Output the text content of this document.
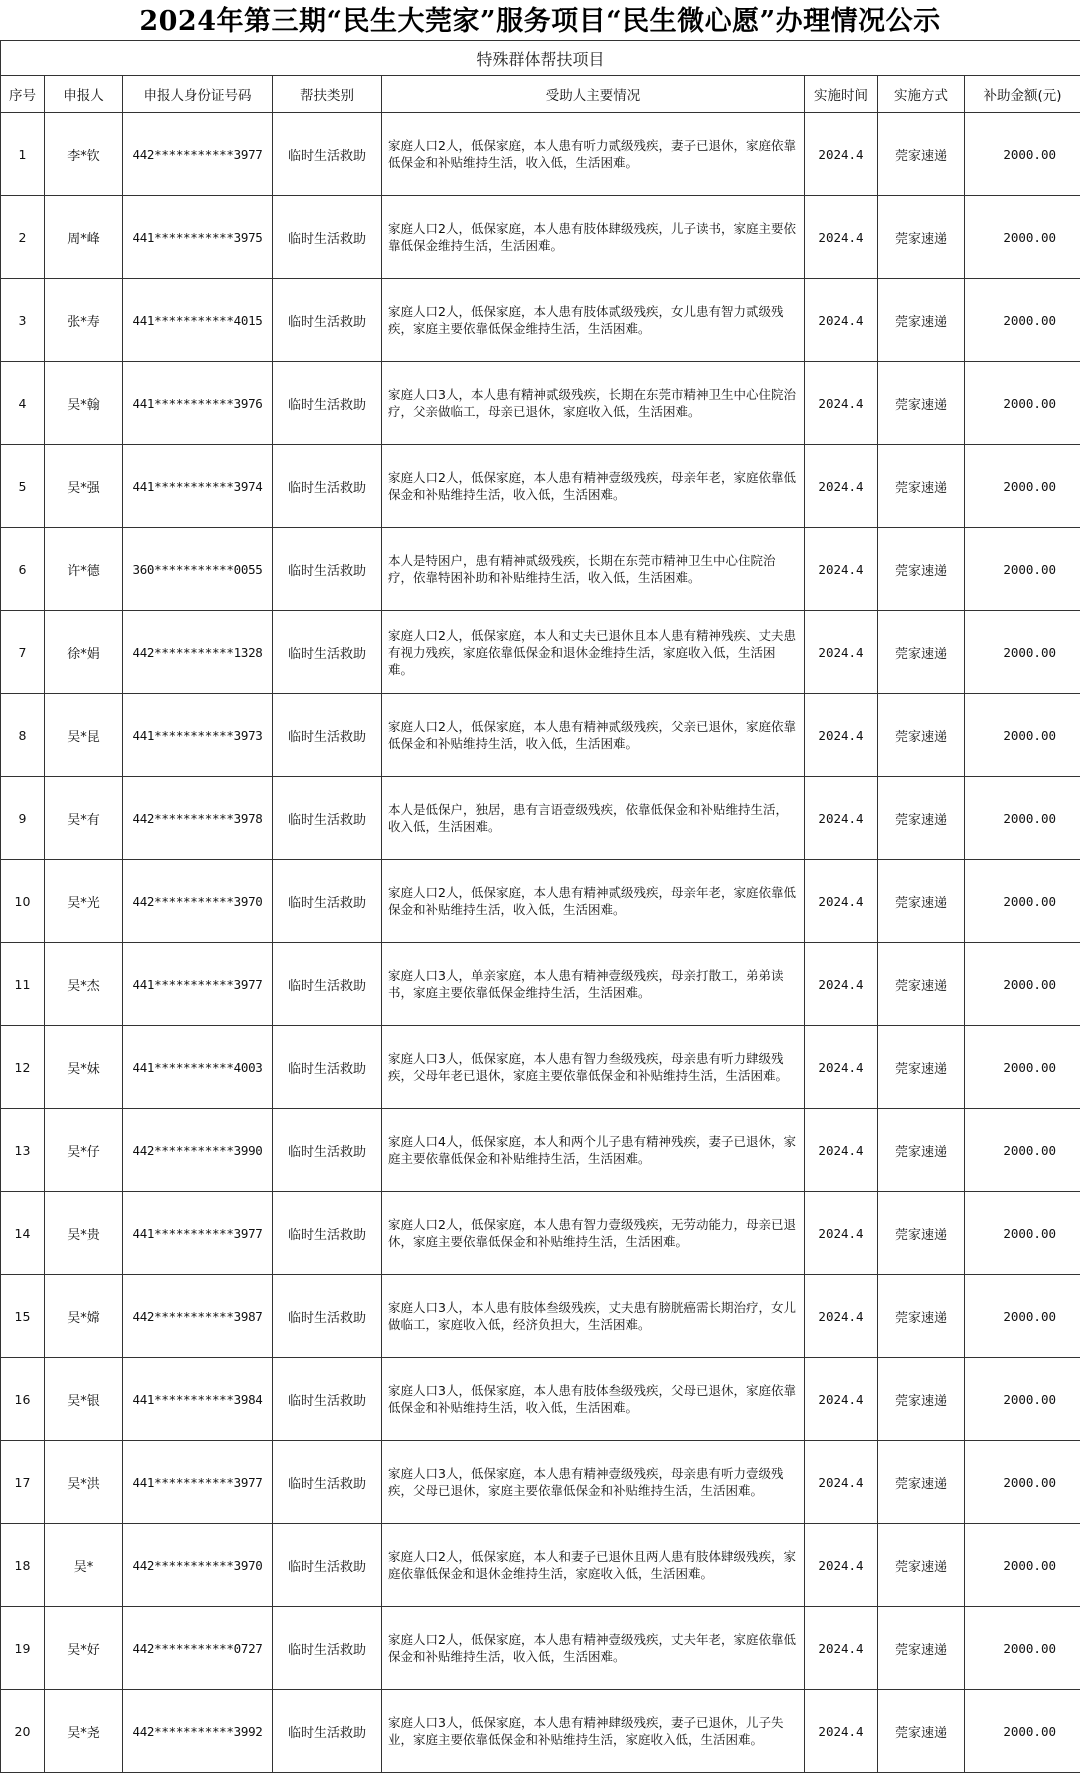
2024年第三期“民生大莞家”服务项目“民生微心愿”办理情况公示
特殊群体帮扶项目							
序号	申报人	申报人身份证号码	帮扶类别	受助人主要情况	实施时间	实施方式	补助金额(元)
1	李*钦	442***********3977	临时生活救助	家庭人口2人，低保家庭，本人患有听力贰级残疾，妻子已退休，家庭依靠低保金和补贴维持生活，收入低，生活困难。	2024.4	莞家速递	2000.00
2	周*峰	441***********3975	临时生活救助	家庭人口2人，低保家庭，本人患有肢体肆级残疾，儿子读书，家庭主要依靠低保金维持生活，生活困难。	2024.4	莞家速递	2000.00
3	张*寿	441***********4015	临时生活救助	家庭人口2人，低保家庭，本人患有肢体贰级残疾，女儿患有智力贰级残疾，家庭主要依靠低保金维持生活，生活困难。	2024.4	莞家速递	2000.00
4	吴*翰	441***********3976	临时生活救助	家庭人口3人，本人患有精神贰级残疾，长期在东莞市精神卫生中心住院治疗，父亲做临工，母亲已退休，家庭收入低，生活困难。	2024.4	莞家速递	2000.00
5	吴*强	441***********3974	临时生活救助	家庭人口2人，低保家庭，本人患有精神壹级残疾，母亲年老，家庭依靠低保金和补贴维持生活，收入低，生活困难。	2024.4	莞家速递	2000.00
6	许*德	360***********0055	临时生活救助	本人是特困户，患有精神贰级残疾，长期在东莞市精神卫生中心住院治疗，依靠特困补助和补贴维持生活，收入低，生活困难。	2024.4	莞家速递	2000.00
7	徐*娟	442***********1328	临时生活救助	家庭人口2人，低保家庭，本人和丈夫已退休且本人患有精神残疾、丈夫患有视力残疾，家庭依靠低保金和退休金维持生活，家庭收入低，生活困难。	2024.4	莞家速递	2000.00
8	吴*昆	441***********3973	临时生活救助	家庭人口2人，低保家庭，本人患有精神贰级残疾，父亲已退休，家庭依靠低保金和补贴维持生活，收入低，生活困难。	2024.4	莞家速递	2000.00
9	吴*有	442***********3978	临时生活救助	本人是低保户，独居，患有言语壹级残疾，依靠低保金和补贴维持生活，收入低，生活困难。	2024.4	莞家速递	2000.00
10	吴*光	442***********3970	临时生活救助	家庭人口2人，低保家庭，本人患有精神贰级残疾，母亲年老，家庭依靠低保金和补贴维持生活，收入低，生活困难。	2024.4	莞家速递	2000.00
11	吴*杰	441***********3977	临时生活救助	家庭人口3人，单亲家庭，本人患有精神壹级残疾，母亲打散工，弟弟读书，家庭主要依靠低保金维持生活，生活困难。	2024.4	莞家速递	2000.00
12	吴*妹	441***********4003	临时生活救助	家庭人口3人，低保家庭，本人患有智力叁级残疾，母亲患有听力肆级残疾，父母年老已退休，家庭主要依靠低保金和补贴维持生活，生活困难。	2024.4	莞家速递	2000.00
13	吴*仔	442***********3990	临时生活救助	家庭人口4人，低保家庭，本人和两个儿子患有精神残疾，妻子已退休，家庭主要依靠低保金和补贴维持生活，生活困难。	2024.4	莞家速递	2000.00
14	吴*贵	441***********3977	临时生活救助	家庭人口2人，低保家庭，本人患有智力壹级残疾，无劳动能力，母亲已退休，家庭主要依靠低保金和补贴维持生活，生活困难。	2024.4	莞家速递	2000.00
15	吴*嫦	442***********3987	临时生活救助	家庭人口3人，本人患有肢体叁级残疾，丈夫患有膀胱癌需长期治疗，女儿做临工，家庭收入低，经济负担大，生活困难。	2024.4	莞家速递	2000.00
16	吴*银	441***********3984	临时生活救助	家庭人口3人，低保家庭，本人患有肢体叁级残疾，父母已退休，家庭依靠低保金和补贴维持生活，收入低，生活困难。	2024.4	莞家速递	2000.00
17	吴*洪	441***********3977	临时生活救助	家庭人口3人，低保家庭，本人患有精神壹级残疾，母亲患有听力壹级残疾，父母已退休，家庭主要依靠低保金和补贴维持生活，生活困难。	2024.4	莞家速递	2000.00
18	吴*	442***********3970	临时生活救助	家庭人口2人，低保家庭，本人和妻子已退休且两人患有肢体肆级残疾，家庭依靠低保金和退休金维持生活，家庭收入低，生活困难。	2024.4	莞家速递	2000.00
19	吴*好	442***********0727	临时生活救助	家庭人口2人，低保家庭，本人患有精神壹级残疾，丈夫年老，家庭依靠低保金和补贴维持生活，收入低，生活困难。	2024.4	莞家速递	2000.00
20	吴*尧	442***********3992	临时生活救助	家庭人口3人，低保家庭，本人患有精神肆级残疾，妻子已退休，儿子失业，家庭主要依靠低保金和补贴维持生活，家庭收入低，生活困难。	2024.4	莞家速递	2000.00
